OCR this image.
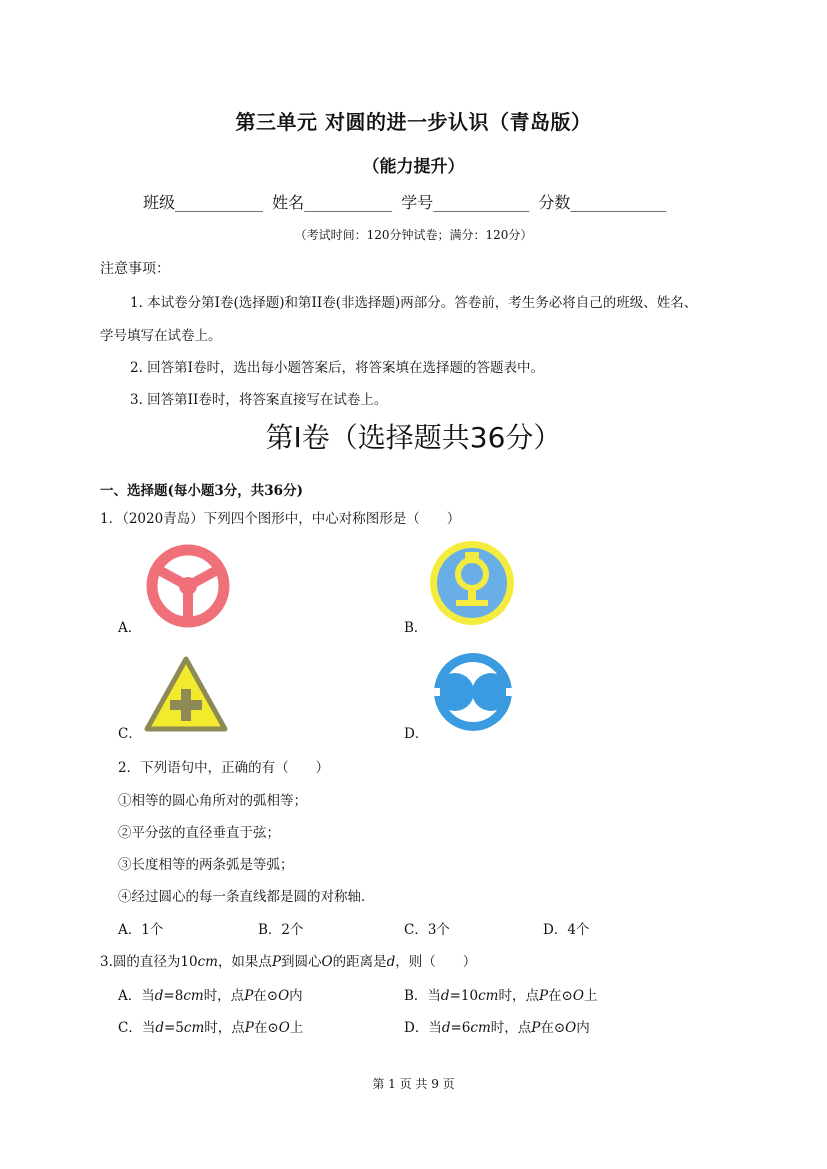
第三单元 对圆的进一步认识（青岛版）
（能力提升）
班级___________ 姓名___________ 学号____________ 分数____________
（考试时间：120分钟试卷；满分：120分）
注意事项：
1. 本试卷分第I卷(选择题)和第II卷(非选择题)两部分。答卷前，考生务必将自己的班级、姓名、
学号填写在试卷上。
2. 回答第I卷时，选出每小题答案后，将答案填在选择题的答题表中。
3. 回答第II卷时，将答案直接写在试卷上。
第I卷（选择题共36分）
一、选择题(每小题3分，共36分)
1．（2020青岛）下列四个图形中，中心对称图形是（　　）
A．	B．
C．	D．
2．下列语句中，正确的有（　　）
①相等的圆心角所对的弧相等；
②平分弦的直径垂直于弦；
③长度相等的两条弧是等弧；
④经过圆心的每一条直线都是圆的对称轴．
A．1个	B．2个	C．3个	D．4个
3.圆的直径为10cm，如果点P到圆心O的距离是d，则（　　）
A．当d=8cm时，点P在⊙O内	B．当d=10cm时，点P在⊙O上
C．当d=5cm时，点P在⊙O上	D．当d=6cm时，点P在⊙O内
第 1 页 共 9 页
